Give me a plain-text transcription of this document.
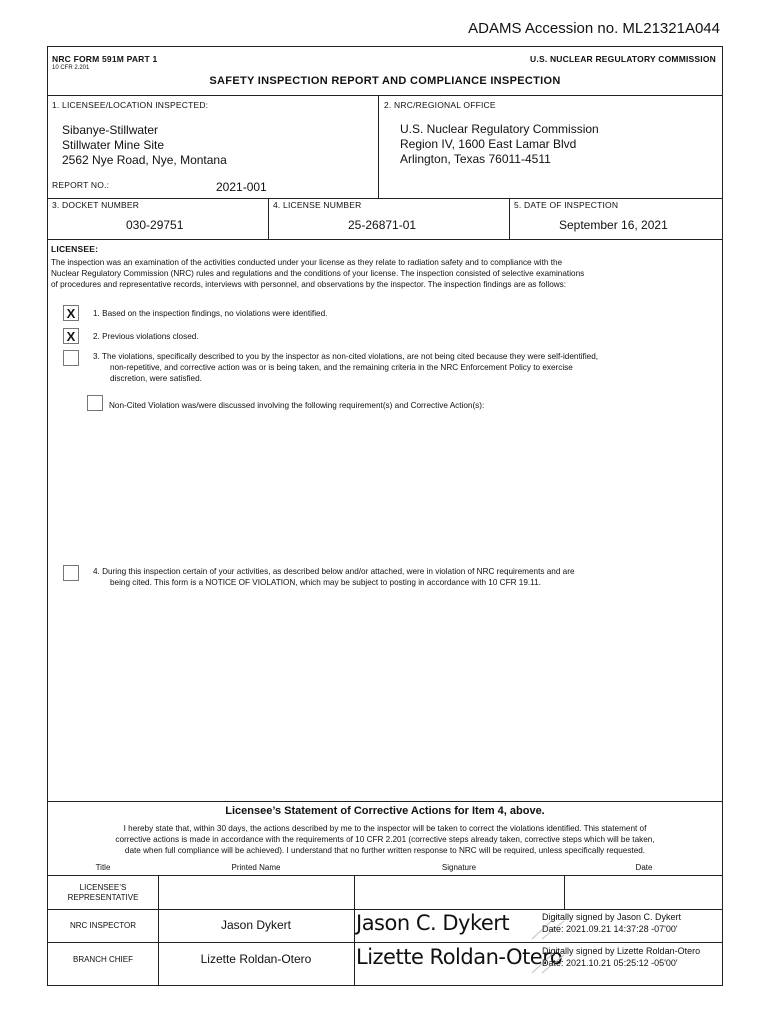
ADAMS Accession no. ML21321A044
NRC FORM 591M PART 1
10 CFR 2.201
U.S. NUCLEAR REGULATORY COMMISSION
SAFETY INSPECTION REPORT AND COMPLIANCE INSPECTION
1. LICENSEE/LOCATION INSPECTED:
Sibanye-Stillwater
Stillwater Mine Site
2562 Nye Road, Nye, Montana
REPORT NO.:	2021-001
2. NRC/REGIONAL OFFICE
U.S. Nuclear Regulatory Commission
Region IV, 1600 East Lamar Blvd
Arlington, Texas 76011-4511
3. DOCKET NUMBER
030-29751
4. LICENSE NUMBER
25-26871-01
5. DATE OF INSPECTION
September 16, 2021
LICENSEE:
The inspection was an examination of the activities conducted under your license as they relate to radiation safety and to compliance with the
Nuclear Regulatory Commission (NRC) rules and regulations and the conditions of your license. The inspection consisted of selective examinations
of procedures and representative records, interviews with personnel, and observations by the inspector. The inspection findings are as follows:
X	1. Based on the inspection findings, no violations were identified.
X	2. Previous violations closed.
3. The violations, specifically described to you by the inspector as non-cited violations, are not being cited because they were self-identified,
non-repetitive, and corrective action was or is being taken, and the remaining criteria in the NRC Enforcement Policy to exercise
discretion, were satisfied.
Non-Cited Violation was/were discussed involving the following requirement(s) and Corrective Action(s):
4. During this inspection certain of your activities, as described below and/or attached, were in violation of NRC requirements and are
being cited. This form is a NOTICE OF VIOLATION, which may be subject to posting in accordance with 10 CFR 19.11.
Licensee’s Statement of Corrective Actions for Item 4, above.
I hereby state that, within 30 days, the actions described by me to the inspector will be taken to correct the violations identified. This statement of
corrective actions is made in accordance with the requirements of 10 CFR 2.201 (corrective steps already taken, corrective steps which will be taken,
date when full compliance will be achieved). I understand that no further written response to NRC will be required, unless specifically requested.
Title	Printed Name	Signature	Date
LICENSEE’S
REPRESENTATIVE
NRC INSPECTOR	Jason Dykert	Jason C. Dykert	Digitally signed by Jason C. Dykert
Date: 2021.09.21 14:37:28 -07'00'
BRANCH CHIEF	Lizette Roldan-Otero	Lizette Roldan-Otero
Digitally signed by Lizette Roldan-Otero
Date: 2021.10.21 05:25:12 -05'00'
